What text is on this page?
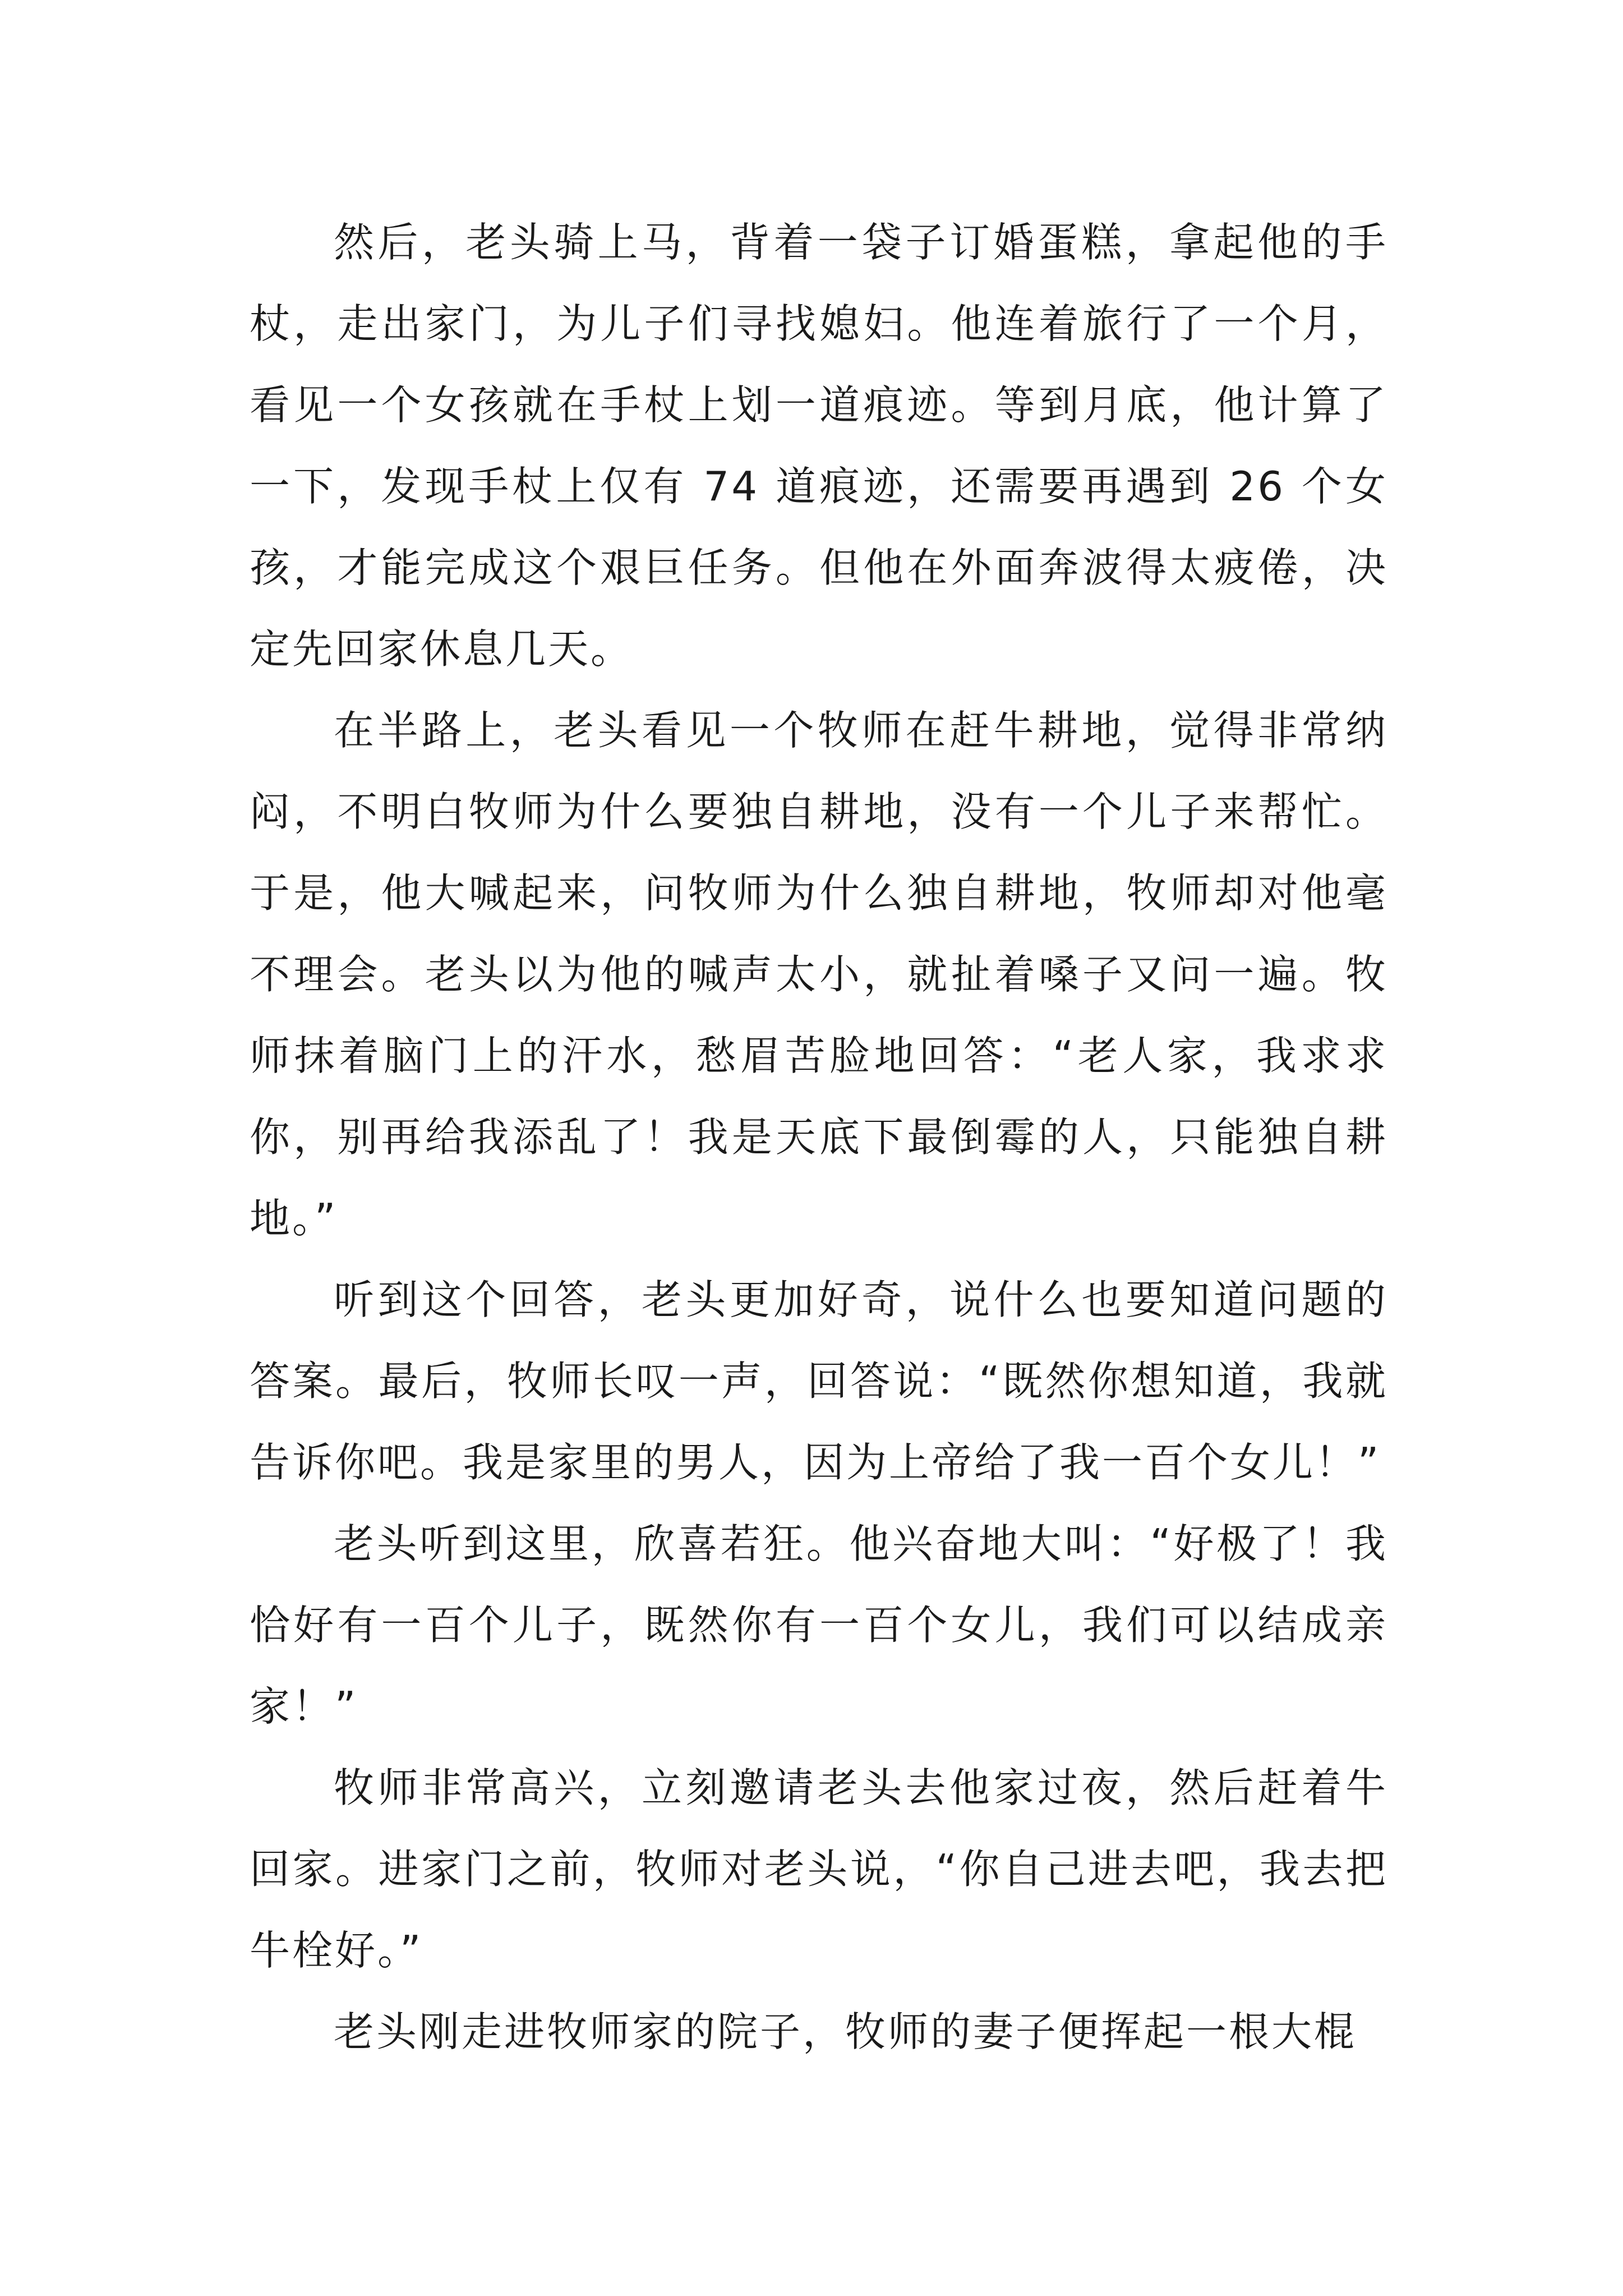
然后，老头骑上马，背着一袋子订婚蛋糕，拿起他的手杖，走出家门，为儿子们寻找媳妇。他连着旅行了一个月，看见一个女孩就在手杖上划一道痕迹。等到月底，他计算了一下，发现手杖上仅有 74 道痕迹，还需要再遇到 26 个女孩，才能完成这个艰巨任务。但他在外面奔波得太疲倦，决定先回家休息几天。

在半路上，老头看见一个牧师在赶牛耕地，觉得非常纳闷，不明白牧师为什么要独自耕地，没有一个儿子来帮忙。于是，他大喊起来，问牧师为什么独自耕地，牧师却对他毫不理会。老头以为他的喊声太小，就扯着嗓子又问一遍。牧师抹着脑门上的汗水，愁眉苦脸地回答：“老人家，我求求你，别再给我添乱了！我是天底下最倒霉的人，只能独自耕地。”

听到这个回答，老头更加好奇，说什么也要知道问题的答案。最后，牧师长叹一声，回答说：“既然你想知道，我就告诉你吧。我是家里的男人，因为上帝给了我一百个女儿！”

老头听到这里，欣喜若狂。他兴奋地大叫：“好极了！我恰好有一百个儿子，既然你有一百个女儿，我们可以结成亲家！”

牧师非常高兴，立刻邀请老头去他家过夜，然后赶着牛回家。进家门之前，牧师对老头说，“你自己进去吧，我去把牛栓好。”

老头刚走进牧师家的院子，牧师的妻子便挥起一根大棍
